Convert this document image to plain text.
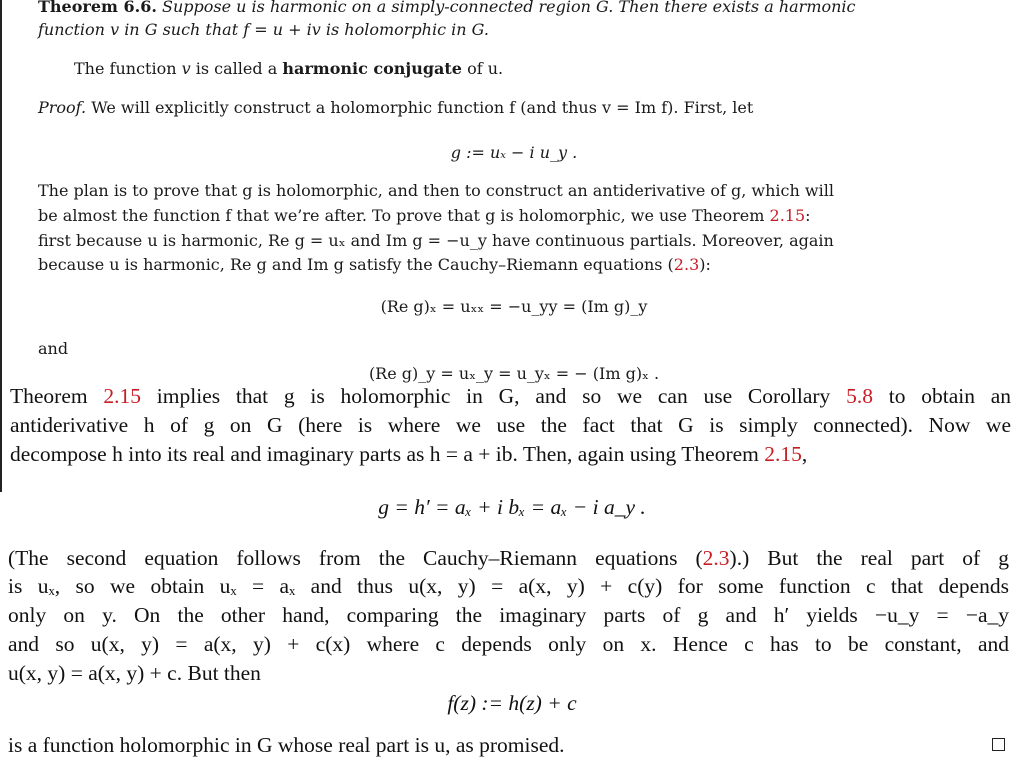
Theorem 6.6. Suppose u is harmonic on a simply-connected region G. Then there exists a harmonic
function v in G such that f = u + iv is holomorphic in G.
The function v is called a harmonic conjugate of u.
Proof. We will explicitly construct a holomorphic function f (and thus v = Im f). First, let
g := uₓ − i u_y .
The plan is to prove that g is holomorphic, and then to construct an antiderivative of g, which will
be almost the function f that we’re after. To prove that g is holomorphic, we use Theorem 2.15:
first because u is harmonic, Re g = uₓ and Im g = −u_y have continuous partials. Moreover, again
because u is harmonic, Re g and Im g satisfy the Cauchy–Riemann equations (2.3):
(Re g)ₓ = uₓₓ = −u_yy = (Im g)_y
and
(Re g)_y = uₓ_y = u_yₓ = − (Im g)ₓ .
Theorem 2.15 implies that g is holomorphic in G, and so we can use Corollary 5.8 to obtain an
antiderivative h of g on G (here is where we use the fact that G is simply connected). Now we
decompose h into its real and imaginary parts as h = a + ib. Then, again using Theorem 2.15,
g = h′ = aₓ + i bₓ = aₓ − i a_y .
(The second equation follows from the Cauchy–Riemann equations (2.3).) But the real part of g
is uₓ, so we obtain uₓ = aₓ and thus u(x, y) = a(x, y) + c(y) for some function c that depends
only on y. On the other hand, comparing the imaginary parts of g and h′ yields −u_y = −a_y
and so u(x, y) = a(x, y) + c(x) where c depends only on x. Hence c has to be constant, and
u(x, y) = a(x, y) + c. But then
f(z) := h(z) + c
is a function holomorphic in G whose real part is u, as promised.
